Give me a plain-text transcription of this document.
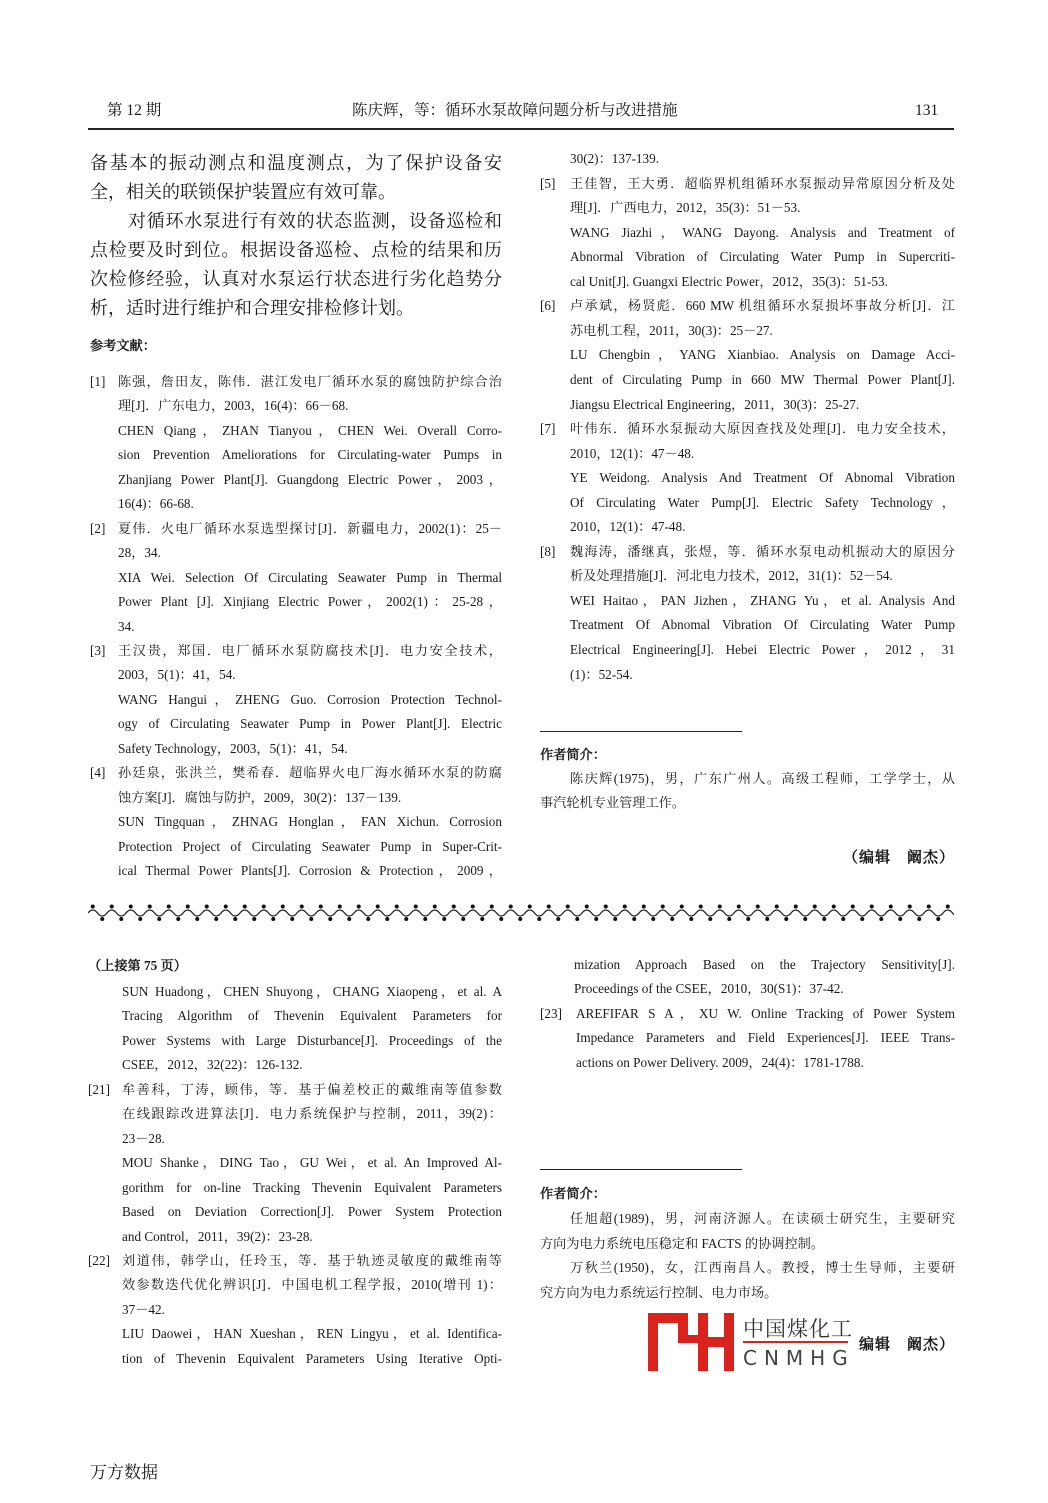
第 12 期	陈庆辉，等：循环水泵故障问题分析与改进措施	131
中国煤化工
CNMHG
万方数据
备基本的振动测点和温度测点，为了保护设备安
全，相关的联锁保护装置应有效可靠。
对循环水泵进行有效的状态监测，设备巡检和
点检要及时到位。根据设备巡检、点检的结果和历
次检修经验，认真对水泵运行状态进行劣化趋势分
析，适时进行维护和合理安排检修计划。
参考文献：
[1] 陈强，詹田友，陈伟．湛江发电厂循环水泵的腐蚀防护综合治
理[J]．广东电力，2003，16(4)：66－68.
CHEN Qiang，ZHAN Tianyou，CHEN Wei. Overall Corro-
sion Prevention Ameliorations for Circulating-water Pumps in
Zhanjiang Power Plant[J]. Guangdong Electric Power，2003，
16(4)：66-68.
[2] 夏伟．火电厂循环水泵选型探讨[J]．新疆电力，2002(1)：25－
28，34.
XIA Wei. Selection Of Circulating Seawater Pump in Thermal
Power Plant [J]. Xinjiang Electric Power，2002(1)：25-28，
34.
[3] 王汉贵，郑国．电厂循环水泵防腐技术[J]．电力安全技术，
2003，5(1)：41，54.
WANG Hangui，ZHENG Guo. Corrosion Protection Technol-
ogy of Circulating Seawater Pump in Power Plant[J]. Electric
Safety Technology，2003，5(1)：41，54.
[4] 孙廷泉，张洪兰，樊希春．超临界火电厂海水循环水泵的防腐
蚀方案[J]．腐蚀与防护，2009，30(2)：137－139.
SUN Tingquan，ZHNAG Honglan，FAN Xichun. Corrosion
Protection Project of Circulating Seawater Pump in Super-Crit-
ical Thermal Power Plants[J]. Corrosion & Protection，2009，
30(2)：137-139.
[5] 王佳智，王大勇．超临界机组循环水泵振动异常原因分析及处
理[J]．广西电力，2012，35(3)：51－53.
WANG Jiazhi，WANG Dayong. Analysis and Treatment of
Abnormal Vibration of Circulating Water Pump in Supercriti-
cal Unit[J]. Guangxi Electric Power，2012，35(3)：51-53.
[6] 卢承斌，杨贤彪．660 MW 机组循环水泵损坏事故分析[J]．江
苏电机工程，2011，30(3)：25－27.
LU Chengbin，YANG Xianbiao. Analysis on Damage Acci-
dent of Circulating Pump in 660 MW Thermal Power Plant[J].
Jiangsu Electrical Engineering，2011，30(3)：25-27.
[7] 叶伟东．循环水泵振动大原因查找及处理[J]．电力安全技术，
2010，12(1)：47－48.
YE Weidong. Analysis And Treatment Of Abnomal Vibration
Of Circulating Water Pump[J]. Electric Safety Technology，
2010，12(1)：47-48.
[8] 魏海涛，潘继真，张煜，等．循环水泵电动机振动大的原因分
析及处理措施[J]．河北电力技术，2012，31(1)：52－54.
WEI Haitao，PAN Jizhen，ZHANG Yu，et al. Analysis And
Treatment Of Abnomal Vibration Of Circulating Water Pump
Electrical Engineering[J]. Hebei Electric Power，2012，31
(1)：52-54.
作者简介：
陈庆辉(1975)，男，广东广州人。高级工程师，工学学士，从
事汽轮机专业管理工作。
（编辑　阚杰）
（上接第 75 页）
SUN Huadong，CHEN Shuyong，CHANG Xiaopeng，et al. A
Tracing Algorithm of Thevenin Equivalent Parameters for
Power Systems with Large Disturbance[J]. Proceedings of the
CSEE，2012，32(22)：126-132.
[21] 牟善科，丁涛，顾伟，等．基于偏差校正的戴维南等值参数
在线跟踪改进算法[J]．电力系统保护与控制，2011，39(2)：
23－28.
MOU Shanke，DING Tao，GU Wei，et al. An Improved Al-
gorithm for on-line Tracking Thevenin Equivalent Parameters
Based on Deviation Correction[J]. Power System Protection
and Control，2011，39(2)：23-28.
[22] 刘道伟，韩学山，任玲玉，等．基于轨迹灵敏度的戴维南等
效参数迭代优化辨识[J]．中国电机工程学报，2010(增刊 1)：
37－42.
LIU Daowei，HAN Xueshan，REN Lingyu，et al. Identifica-
tion of Thevenin Equivalent Parameters Using Iterative Opti-
mization Approach Based on the Trajectory Sensitivity[J].
Proceedings of the CSEE，2010，30(S1)：37-42.
[23] AREFIFAR S A，XU W. Online Tracking of Power System
Impedance Parameters and Field Experiences[J]. IEEE Trans-
actions on Power Delivery. 2009，24(4)：1781-1788.
作者简介：
任旭超(1989)，男，河南济源人。在读硕士研究生，主要研究
方向为电力系统电压稳定和 FACTS 的协调控制。
万秋兰(1950)，女，江西南昌人。教授，博士生导师，主要研
究方向为电力系统运行控制、电力市场。
编辑　阚杰）
